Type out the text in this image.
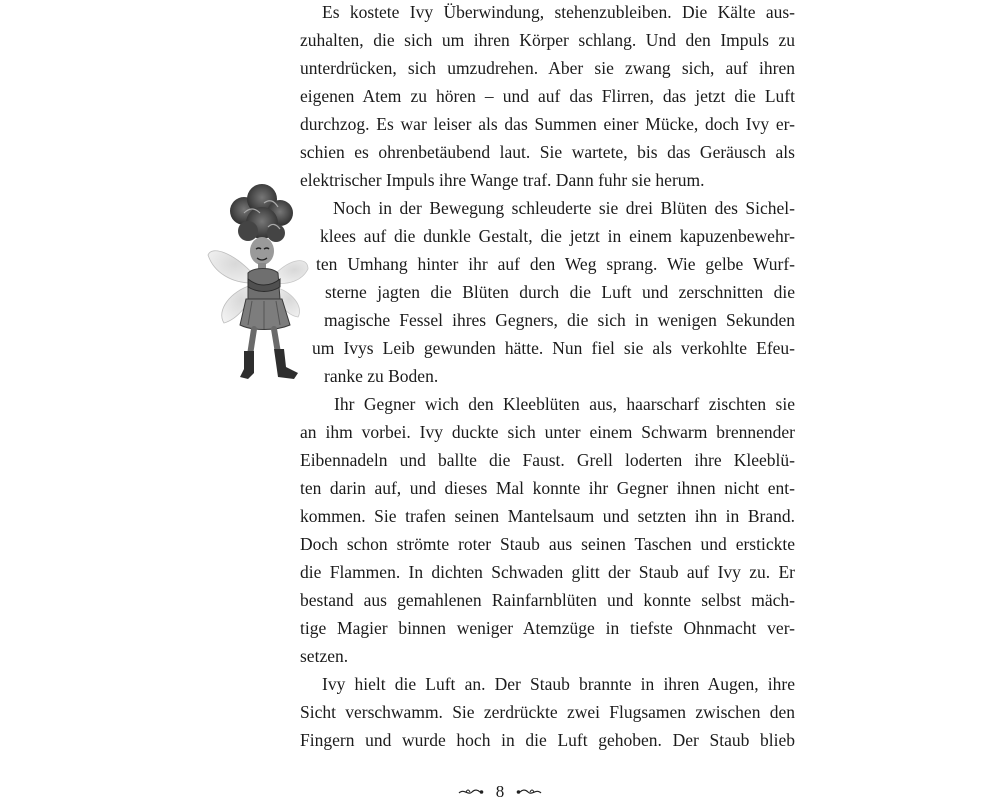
Es kostete Ivy Überwindung, stehenzubleiben. Die Kälte aus-

zuhalten, die sich um ihren Körper schlang. Und den Impuls zu

unterdrücken, sich umzudrehen. Aber sie zwang sich, auf ihren

eigenen Atem zu hören – und auf das Flirren, das jetzt die Luft

durchzog. Es war leiser als das Summen einer Mücke, doch Ivy er-

schien es ohrenbetäubend laut. Sie wartete, bis das Geräusch als

elektrischer Impuls ihre Wange traf. Dann fuhr sie herum.

Noch in der Bewegung schleuderte sie drei Blüten des Sichel-

klees auf die dunkle Gestalt, die jetzt in einem kapuzenbewehr-

ten Umhang hinter ihr auf den Weg sprang. Wie gelbe Wurf-

sterne jagten die Blüten durch die Luft und zerschnitten die

magische Fessel ihres Gegners, die sich in wenigen Sekunden

um Ivys Leib gewunden hätte. Nun fiel sie als verkohlte Efeu-

ranke zu Boden.

Ihr Gegner wich den Kleeblüten aus, haarscharf zischten sie

an ihm vorbei. Ivy duckte sich unter einem Schwarm brennender

Eibennadeln und ballte die Faust. Grell loderten ihre Kleeblü-

ten darin auf, und dieses Mal konnte ihr Gegner ihnen nicht ent-

kommen. Sie trafen seinen Mantelsaum und setzten ihn in Brand.

Doch schon strömte roter Staub aus seinen Taschen und erstickte

die Flammen. In dichten Schwaden glitt der Staub auf Ivy zu. Er

bestand aus gemahlenen Rainfarnblüten und konnte selbst mäch-

tige Magier binnen weniger Atemzüge in tiefste Ohnmacht ver-

setzen.

Ivy hielt die Luft an. Der Staub brannte in ihren Augen, ihre

Sicht verschwamm. Sie zerdrückte zwei Flugsamen zwischen den

Fingern und wurde hoch in die Luft gehoben. Der Staub blieb

8
